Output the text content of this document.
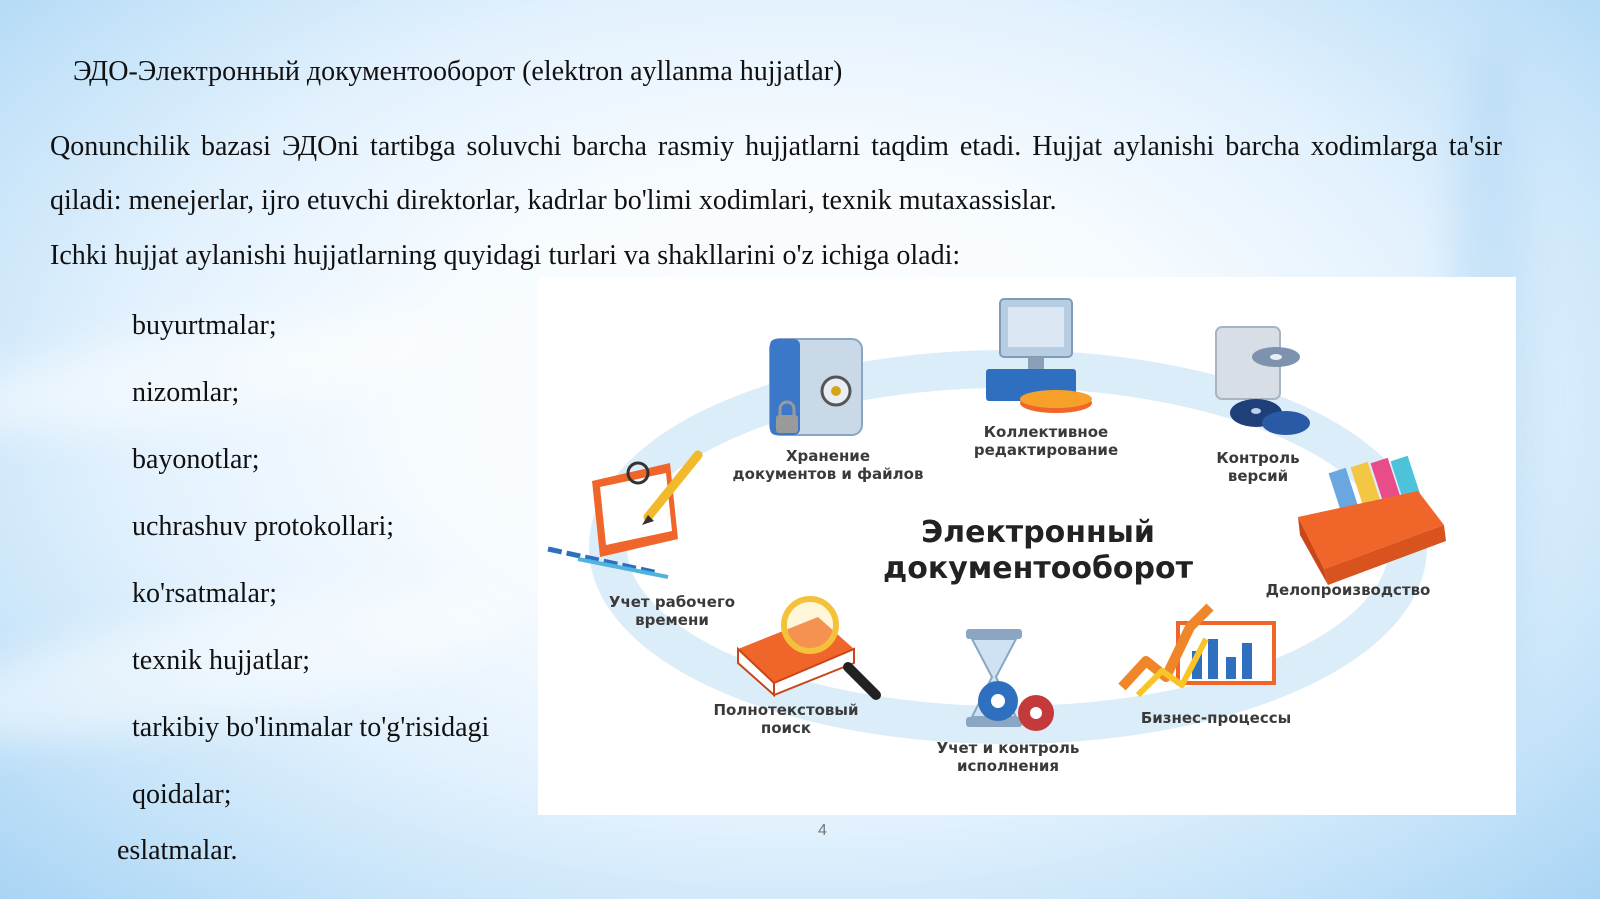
ЭДО-Электронный документооборот (elektron ayllanma hujjatlar)
Qonunchilik bazasi ЭДОni tartibga soluvchi barcha rasmiy hujjatlarni taqdim etadi. Hujjat aylanishi barcha xodimlarga ta'sir qiladi: menejerlar, ijro etuvchi direktorlar, kadrlar bo'limi xodimlari, texnik mutaxassislar.
Ichki hujjat aylanishi hujjatlarning quyidagi turlari va shakllarini o'z ichiga oladi:
buyurtmalar;
nizomlar;
bayonotlar;
uchrashuv protokollari;
ko'rsatmalar;
texnik hujjatlar;
tarkibiy bo'linmalar to'g'risidagi
qoidalar;
eslatmalar.
Хранение
документов и файлов
Коллективное
редактирование	Контроль
версий
Делопроизводство
Бизнес-процессы
Учет и контроль
исполнения
Полнотекстовый
поиск
Учет рабочего
времени
Электронный
документооборот
4
